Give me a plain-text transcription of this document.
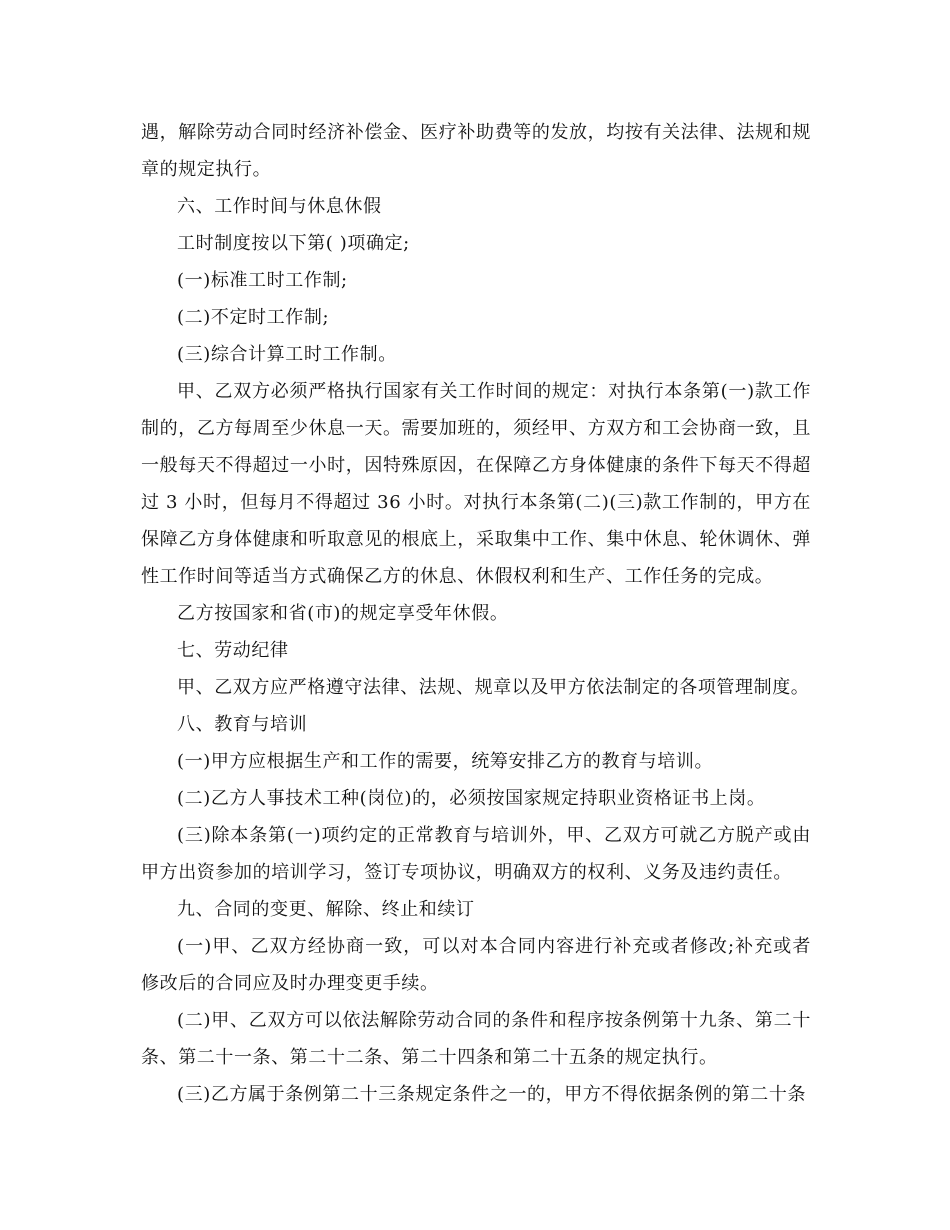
遇，解除劳动合同时经济补偿金、医疗补助费等的发放，均按有关法律、法规和规章的规定执行。

六、工作时间与休息休假

工时制度按以下第( )项确定;

(一)标准工时工作制;

(二)不定时工作制;

(三)综合计算工时工作制。

甲、乙双方必须严格执行国家有关工作时间的规定：对执行本条第(一)款工作制的，乙方每周至少休息一天。需要加班的，须经甲、方双方和工会协商一致，且一般每天不得超过一小时，因特殊原因，在保障乙方身体健康的条件下每天不得超过 3 小时，但每月不得超过 36 小时。对执行本条第(二)(三)款工作制的，甲方在保障乙方身体健康和听取意见的根底上，采取集中工作、集中休息、轮休调休、弹性工作时间等适当方式确保乙方的休息、休假权利和生产、工作任务的完成。

乙方按国家和省(市)的规定享受年休假。

七、劳动纪律

甲、乙双方应严格遵守法律、法规、规章以及甲方依法制定的各项管理制度。

八、教育与培训

(一)甲方应根据生产和工作的需要，统筹安排乙方的教育与培训。

(二)乙方人事技术工种(岗位)的，必须按国家规定持职业资格证书上岗。

(三)除本条第(一)项约定的正常教育与培训外，甲、乙双方可就乙方脱产或由甲方出资参加的培训学习，签订专项协议，明确双方的权利、义务及违约责任。

九、合同的变更、解除、终止和续订

(一)甲、乙双方经协商一致，可以对本合同内容进行补充或者修改;补充或者修改后的合同应及时办理变更手续。

(二)甲、乙双方可以依法解除劳动合同的条件和程序按条例第十九条、第二十条、第二十一条、第二十二条、第二十四条和第二十五条的规定执行。

(三)乙方属于条例第二十三条规定条件之一的，甲方不得依据条例的第二十条
